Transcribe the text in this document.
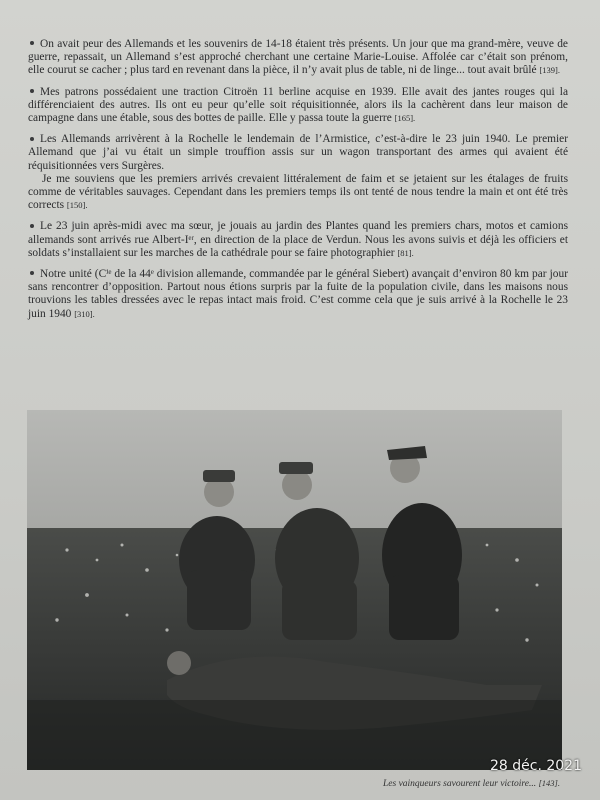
On avait peur des Allemands et les souvenirs de 14-18 étaient très présents. Un jour que ma grand-mère, veuve de guerre, repassait, un Allemand s’est approché cherchant une certaine Marie-Louise. Affolée car c’était son prénom, elle courut se cacher ; plus tard en revenant dans la pièce, il n’y avait plus de table, ni de linge... tout avait brûlé [139].

Mes patrons possédaient une traction Citroën 11 berline acquise en 1939. Elle avait des jantes rouges qui la différenciaient des autres. Ils ont eu peur qu’elle soit réquisitionnée, alors ils la cachèrent dans leur maison de campagne dans une étable, sous des bottes de paille. Elle y passa toute la guerre [165].

Les Allemands arrivèrent à la Rochelle le lendemain de l’Armistice, c’est-à-dire le 23 juin 1940. Le premier Allemand que j’ai vu était un simple trouffion assis sur un wagon transportant des armes qui avaient été réquisitionnées vers Surgères.

Je me souviens que les premiers arrivés crevaient littéralement de faim et se jetaient sur les étalages de fruits comme de véritables sauvages. Cependant dans les premiers temps ils ont tenté de nous tendre la main et ont été très corrects [150].

Le 23 juin après-midi avec ma sœur, je jouais au jardin des Plantes quand les premiers chars, motos et camions allemands sont arrivés rue Albert-Iᵉʳ, en direction de la place de Verdun. Nous les avons suivis et déjà les officiers et soldats s’installaient sur les marches de la cathédrale pour se faire photographier [81].

Notre unité (Cⁱᵉ de la 44ᵉ division allemande, commandée par le général Siebert) avançait d’environ 80 km par jour sans rencontrer d’opposition. Partout nous étions surpris par la fuite de la population civile, dans les maisons nous trouvions les tables dressées avec le repas intact mais froid. C’est comme cela que je suis arrivé à la Rochelle le 23 juin 1940 [310].

Les vainqueurs savourent leur victoire... [143].
28 déc. 2021
